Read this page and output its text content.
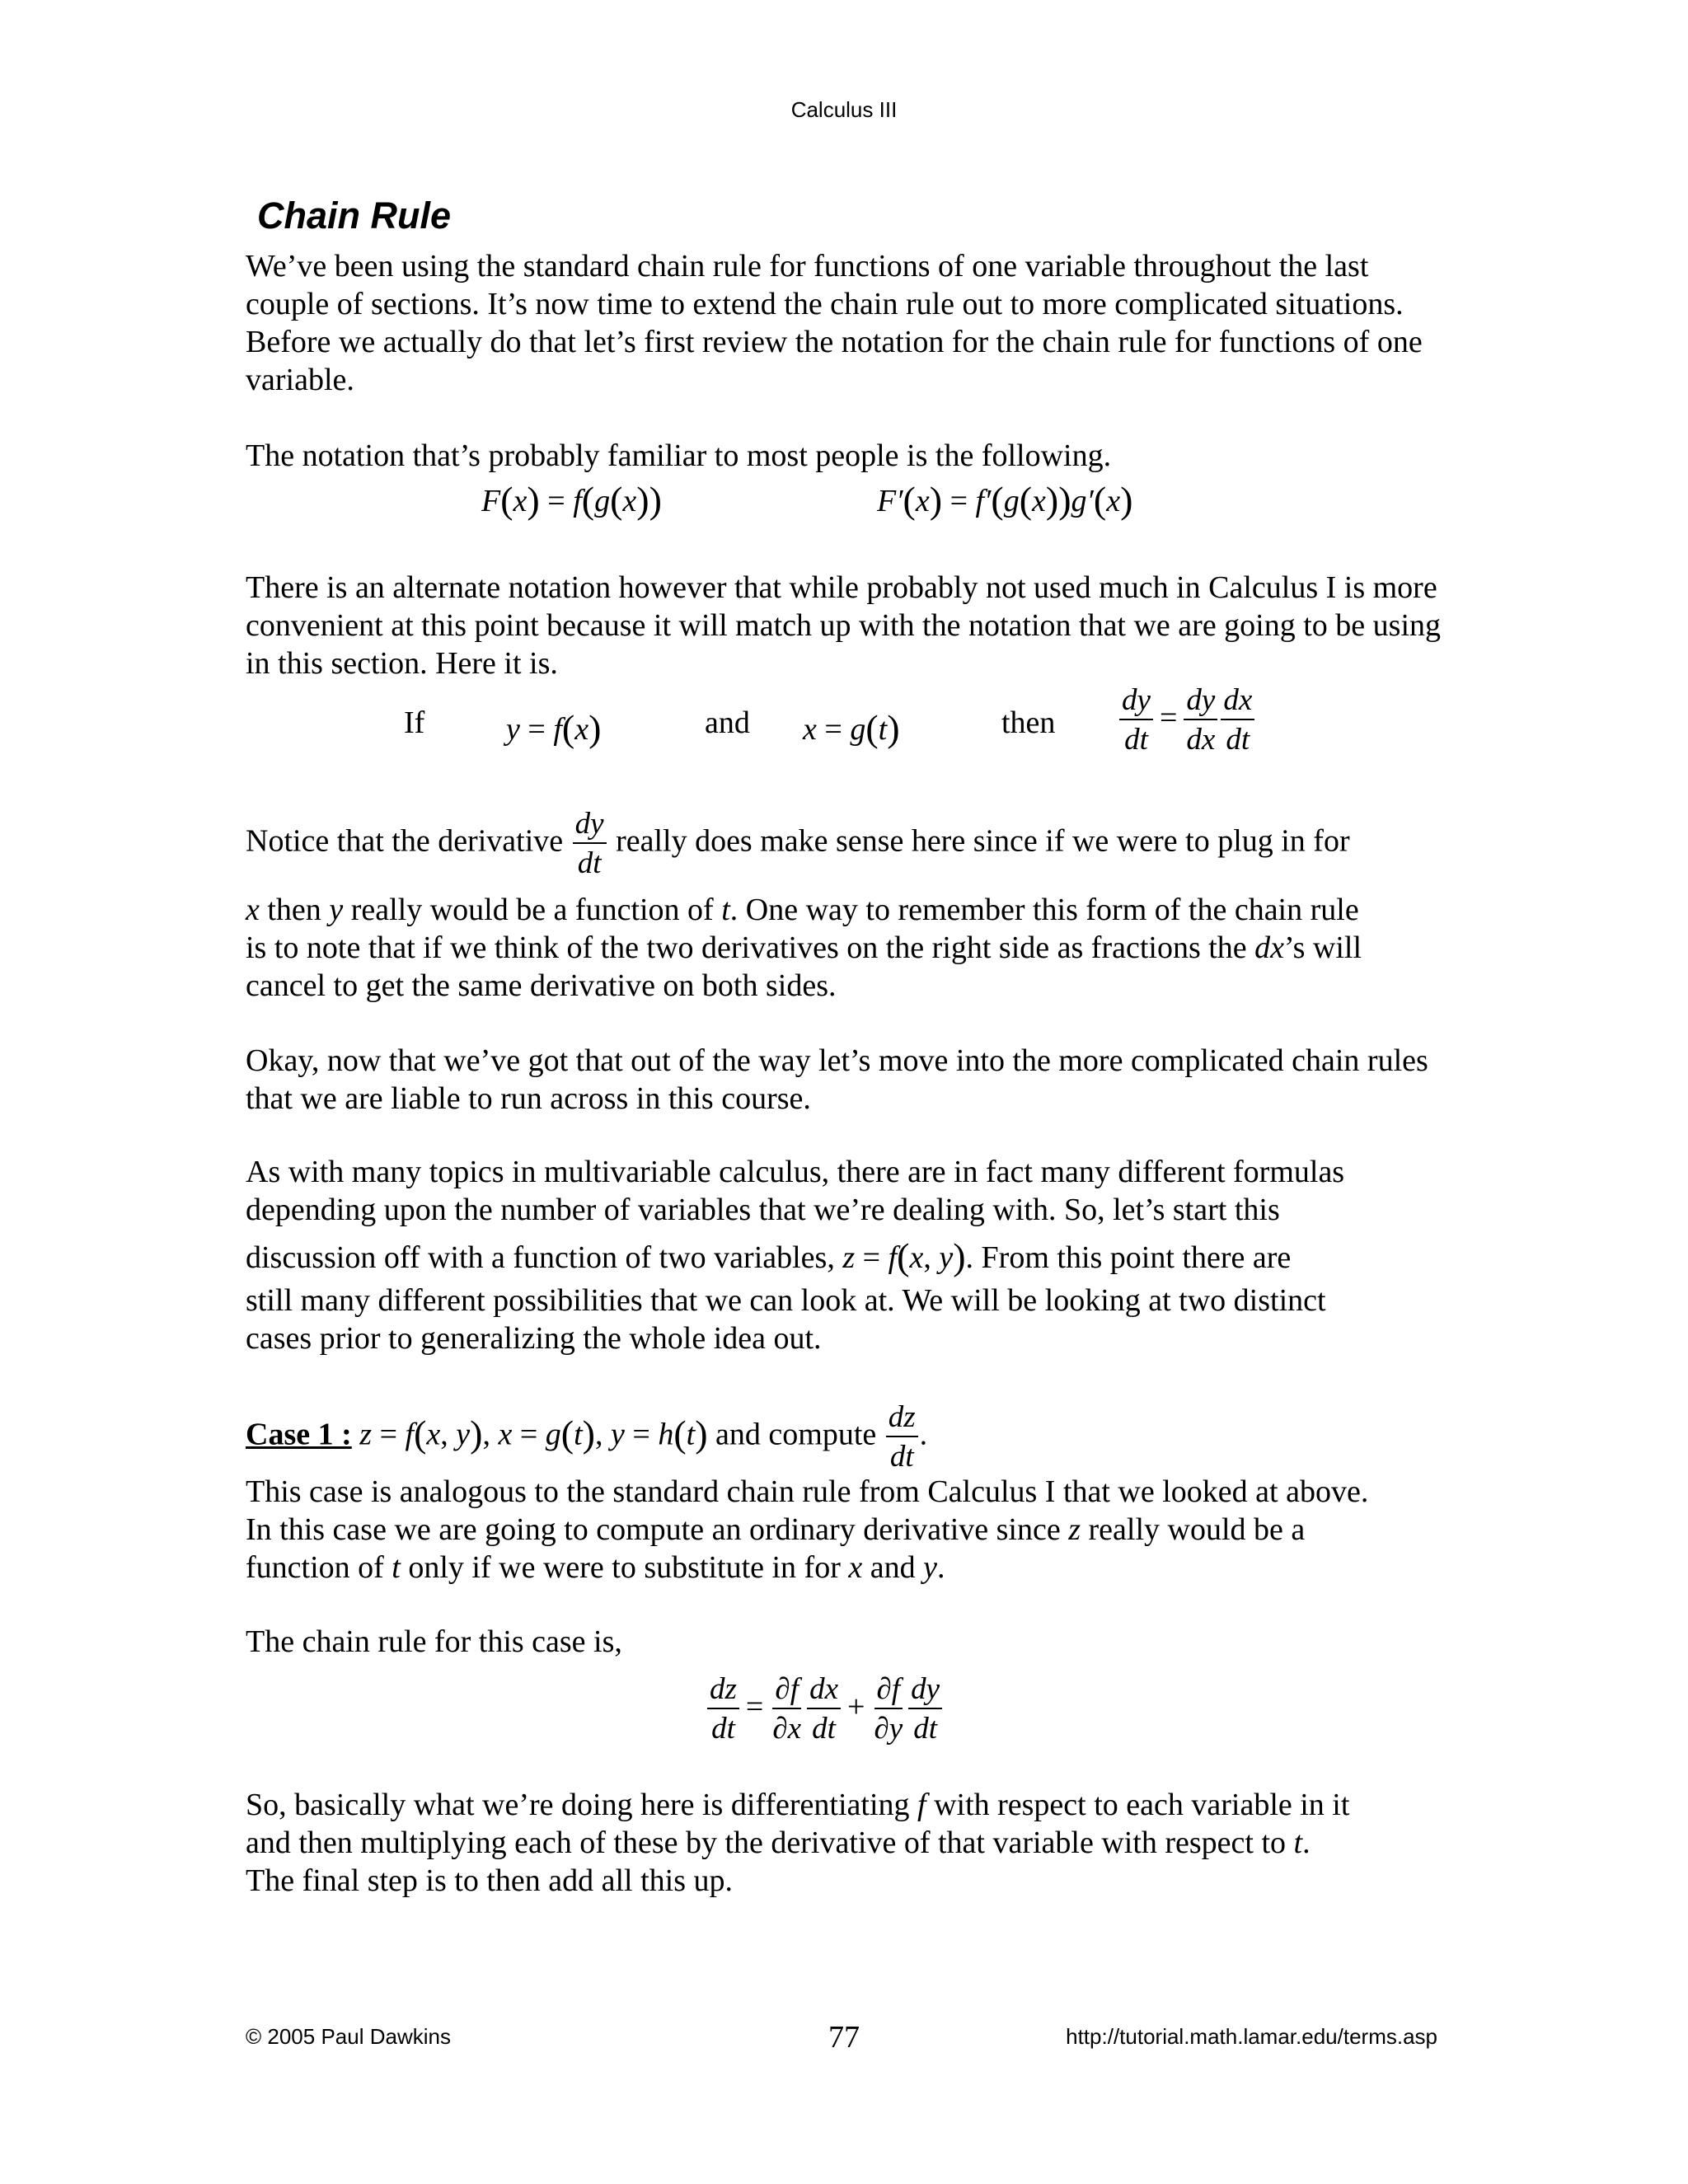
Calculus III
Chain Rule

We’ve been using the standard chain rule for functions of one variable throughout the last couple of sections. It’s now time to extend the chain rule out to more complicated situations. Before we actually do that let’s first review the notation for the chain rule for functions of one variable.

The notation that’s probably familiar to most people is the following.

F(x) = f(g(x))	F′(x) = f′(g(x))g′(x)

There is an alternate notation however that while probably not used much in Calculus I is more convenient at this point because it will match up with the notation that we are going to be using in this section. Here it is.

If	y = f(x)	and x = g(t)	then $\frac{dy}{dt} = \frac{dy}{dx} \frac{dx}{dt}$
Notice that the derivative $\frac{dy}{dt}$ really does make sense here since if we were to plug in for
x then y really would be a function of t. One way to remember this form of the chain rule
is to note that if we think of the two derivatives on the right side as fractions the dx’s will
cancel to get the same derivative on both sides.

Okay, now that we’ve got that out of the way let’s move into the more complicated chain rules that we are liable to run across in this course.

As with many topics in multivariable calculus, there are in fact many different formulas
depending upon the number of variables that we’re dealing with. So, let’s start this
discussion off with a function of two variables, z = f(x, y). From this point there are
still many different possibilities that we can look at. We will be looking at two distinct
cases prior to generalizing the whole idea out.
Case 1 : z = f(x, y), x = g(t), y = h(t) and compute $\frac{dz}{dt}$ .
This case is analogous to the standard chain rule from Calculus I that we looked at above.
In this case we are going to compute an ordinary derivative since z really would be a
function of t only if we were to substitute in for x and y.
The chain rule for this case is,
$\frac{dz}{dt} = \frac{\partial f}{\partial x} \frac{dx}{dt} + \frac{\partial f}{\partial y} \frac{dy}{dt}$
So, basically what we’re doing here is differentiating f with respect to each variable in it
and then multiplying each of these by the derivative of that variable with respect to t.
The final step is to then add all this up.
© 2005 Paul Dawkins	77	http://tutorial.math.lamar.edu/terms.asp
